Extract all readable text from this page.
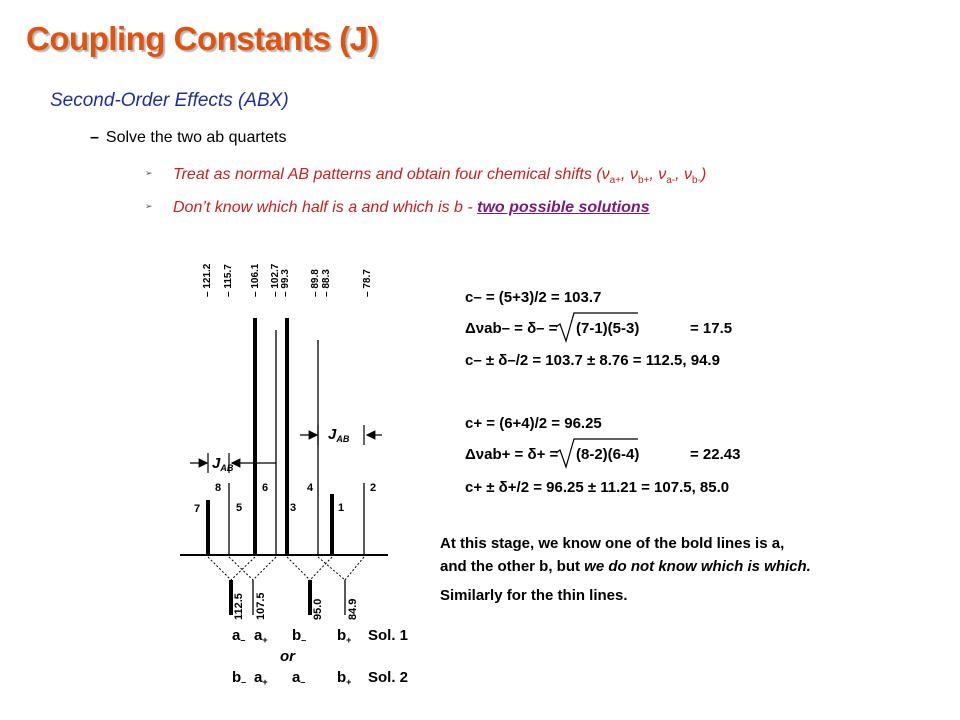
Coupling Constants (J)
Second-Order Effects (ABX)
– Solve the two ab quartets
➢ Treat as normal AB patterns and obtain four chemical shifts ($\nu_{a+}$, $\nu_{b+}$, $\nu_{a-}$, $\nu_{b-}$)
➢ Don’t know which half is a and which is b - two possible solutions
– 121.2 – 115.7 – 106.1 – 102.7 – 99.3 – 89.8 – 88.3	– 78.7
7
8
5
6
3
4
1
2
$J_{AB}$
$J_{AB}$
112.5 107.5	95.0 84.9
$a_-$ $a_+$ $b_-$ $b_+$ Sol. 1
or
$b_-$ $a_+$ $a_-$ $b_+$ Sol. 2
c– = (5+3)/2 = 103.7
Δνab– = δ– = (7-1)(5-3)	= 17.5
c– ± δ–/2 = 103.7 ± 8.76 = 112.5, 94.9
c+ = (6+4)/2 = 96.25
Δνab+ = δ+ = (8-2)(6-4)	= 22.43
c+ ± δ+/2 = 96.25 ± 11.21 = 107.5, 85.0
At this stage, we know one of the bold lines is a,
and the other b, but we do not know which is which.
Similarly for the thin lines.
